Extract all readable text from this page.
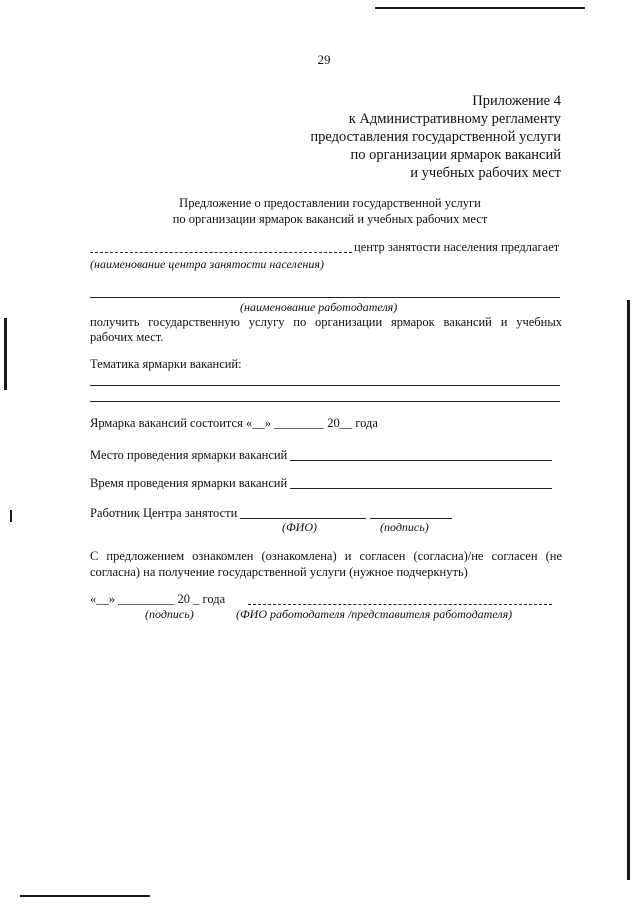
29
Приложение 4
к Административному регламенту
предоставления государственной услуги
по организации ярмарок вакансий
и учебных рабочих мест
Предложение о предоставлении государственной услуги
по организации ярмарок вакансий и учебных рабочих мест
центр занятости населения предлагает
(наименование центра занятости населения)
(наименование работодателя)
получить государственную услугу по организации ярмарок вакансий и учебных
рабочих мест.
Тематика ярмарки вакансий:
Ярмарка вакансий состоится «__» ________ 20__ года
Место проведения ярмарки вакансий
Время проведения ярмарки вакансий
Работник Центра занятости
(ФИО)	(подпись)
С предложением ознакомлен (ознакомлена) и согласен (согласна)/не согласен (не
согласна) на получение государственной услуги (нужное подчеркнуть)
«__» _________ 20 _ года
(подпись)	(ФИО работодателя /представителя работодателя)
